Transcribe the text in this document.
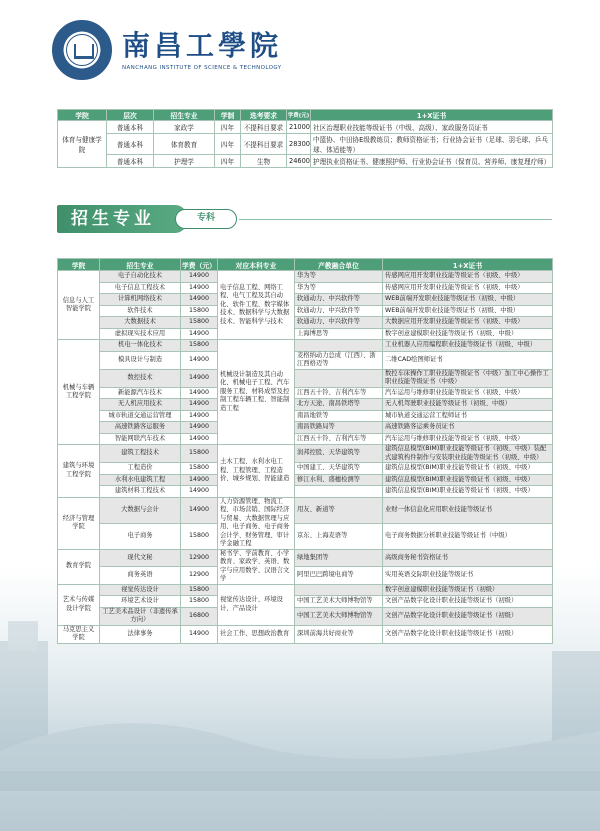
南昌工學院
NANCHANG INSTITUTE OF SCIENCE & TECHNOLOGY
学院	层次	招生专业	学制	选考要求	学费(元)	1+X证书
体育与健康学院	普通本科	家政学	四年	不提科目要求	21000	社区治理职业技能等级证书（中级、高级）、家政服务员证书
	普通本科	体育教育	四年	不提科目要求	28300	中篮协、中田协E级教练员；教师资格证书；行业协会证书（足球、羽毛球、乒乓球、体适能等）
	普通本科	护理学	四年	生物	24600	护理执业资格证书、健康照护师、行业协会证书（保育员、营养师、康复理疗师）
招生专业	专科
学院	招生专业	学费（元）	对应本科专业	产教融合单位	1+X证书
信息与人工智能学院	电子自动化技术	14900	电子信息工程、网络工程、电气工程及其自动化、软件工程、数字媒体技术、数据科学与大数据技术、智能科学与技术	华为等	传感网应用开发职业技能等级证书（初级、中级）
	电子信息工程技术	14900		华为等	传感网应用开发职业技能等级证书（初级、中级）
	计算机网络技术	14900		软通动力、中兴软件等	WEB前端开发职业技能等级证书（初级、中级）
	软件技术	15800		软通动力、中兴软件等	WEB前端开发职业技能等级证书（初级、中级）
	大数据技术	15800		软通动力、中兴软件等	大数据应用开发职业技能等级证书（初级、中级）
	虚拟现实技术应用	14900		上海博思等	数字创意建模职业技能等级证书（初级、中级）
机械与车辆工程学院	机电一体化技术	15800	机械设计制造及其自动化、机械电子工程、汽车服务工程、材料成型及控制工程车辆工程、智能制造工程		工业机器人应用编程职业技能等级证书（初级、中级）
	模具设计与制造	14900		麦格纳动力总成（江西）、浙江西格迈等	二维CAD绘图师证书
	数控技术	14900			数控车床操作工职业技能等级证书（中级）加工中心操作工职业技能等级证书（中级）
	新能源汽车技术	14900		江西五十铃、吉利汽车等	汽车运用与维修职业技能等级证书（初级、中级）
	无人机应用技术	14900		北方天途、南昌铁塔等	无人机驾驶职业技能等级证书（初级、中级）
	城市轨道交通运营管理	14900		南昌地铁等	城市轨道交通运营工程师证书
	高速铁路客运服务	14900		南昌铁路局等	高速铁路客运乘务员证书
	智能网联汽车技术	14900		江西五十铃、吉利汽车等	汽车运用与维修职业技能等级证书（初级、中级）
建筑与环境工程学院	建筑工程技术	15800	土木工程、水利水电工程、工程管理、工程造价、城乡规划、智能建造	润邦控股、天华建筑等	建筑信息模型(BIM)职业技能等级证书（初级、中级）装配式建筑构件制作与安装职业技能等级证书（初级、中级）
	工程造价	15800		中国建工、天华建筑等	建筑信息模型(BIM)职业技能等级证书（初级、中级）
	水利水电建筑工程	14900		修江水利、盛穗检测等	建筑信息模型(BIM)职业技能等级证书（初级、中级）
	建筑材料工程技术	14900			建筑信息模型(BIM)职业技能等级证书（初级、中级）
经济与管理学院	大数据与会计	14900	人力资源管理、物流工程、市场营销、国际经济与贸易、大数据管理与应用、电子商务、电子商务会计学、财务管理、审计学金融工程	用友、新道等	业财一体信息化应用职业技能等级证书
	电子商务	15800		京东、上海麦语等	电子商务数据分析职业技能等级证书（中级）
教育学院	现代文秘	12900	秘书学、学前教育、小学教育、家政学、英语、数字与应用数学、汉语言文学	绿地集团等	高级商务秘书资格证书
	商务英语	12900		阿里巴巴跨境电商等	实用英语交际职业技能等级证书
艺术与传媒设计学院	视觉传达设计	15800	视觉传达设计、环境设计、产品设计		数字创意建模职业技能等级证书（初级）
	环境艺术设计	15800		中国工艺美术大师博物馆等	文创产品数字化设计职业技能等级证书（初级）
	工艺美术品设计（非遗传承方向）	16800		中国工艺美术大师博物馆等	文创产品数字化设计职业技能等级证书（初级）
马克思主义学院	法律事务	14900	社会工作、思想政治教育	深圳前海共好商业等	文创产品数字化设计职业技能等级证书（初级）
